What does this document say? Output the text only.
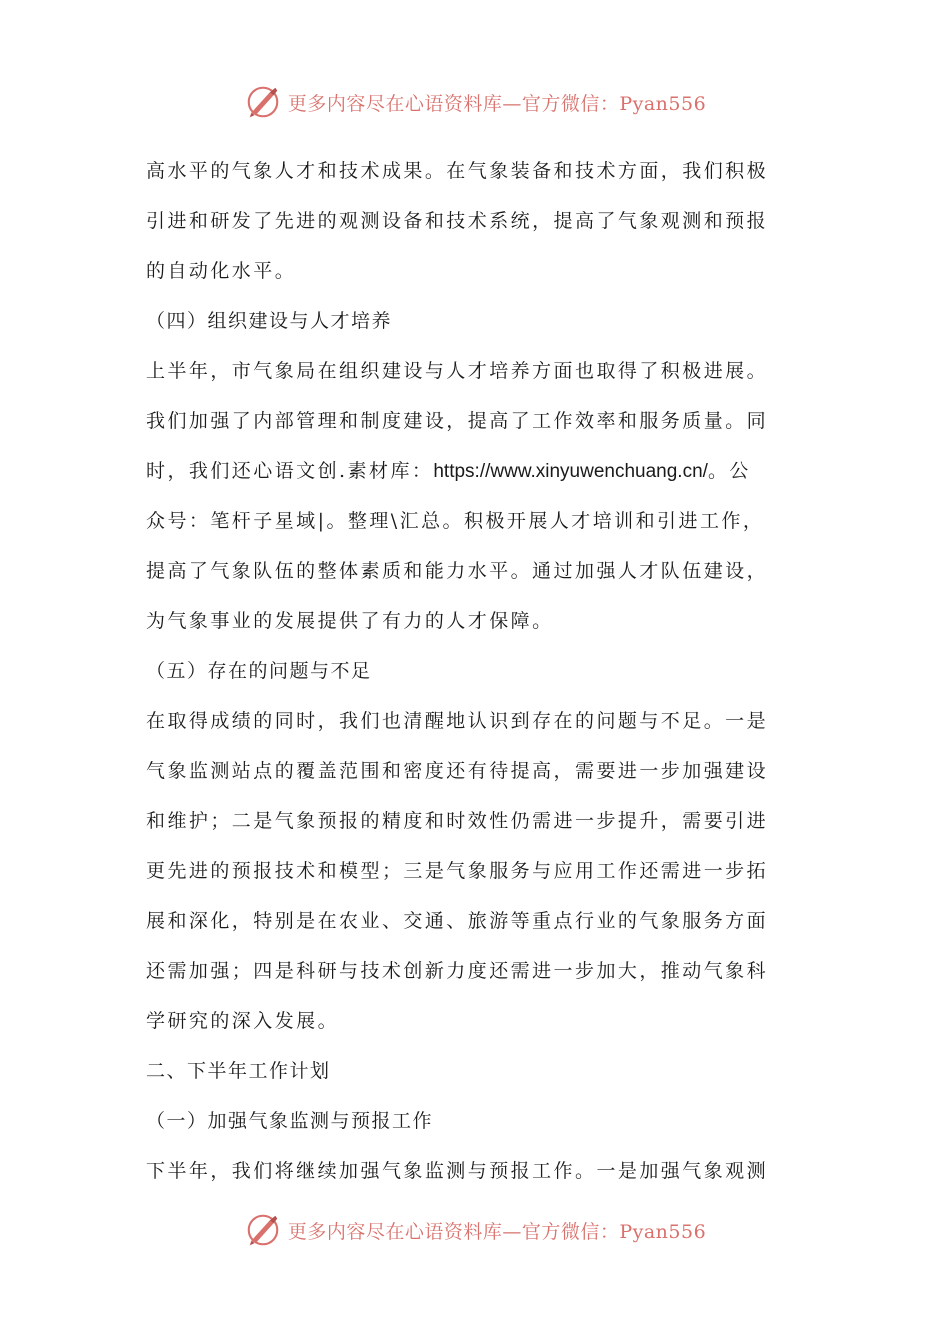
更多内容尽在心语资料库—官方微信：Pyan556
高水平的气象人才和技术成果。在气象装备和技术方面，我们积极
引进和研发了先进的观测设备和技术系统，提高了气象观测和预报
的自动化水平。
（四）组织建设与人才培养
上半年，市气象局在组织建设与人才培养方面也取得了积极进展。
我们加强了内部管理和制度建设，提高了工作效率和服务质量。同
时，我们还心语文创.素材库：https://www.xinyuwenchuang.cn/。公
众号：笔杆子星域|。整理\汇总。积极开展人才培训和引进工作，
提高了气象队伍的整体素质和能力水平。通过加强人才队伍建设，
为气象事业的发展提供了有力的人才保障。
（五）存在的问题与不足
在取得成绩的同时，我们也清醒地认识到存在的问题与不足。一是
气象监测站点的覆盖范围和密度还有待提高，需要进一步加强建设
和维护；二是气象预报的精度和时效性仍需进一步提升，需要引进
更先进的预报技术和模型；三是气象服务与应用工作还需进一步拓
展和深化，特别是在农业、交通、旅游等重点行业的气象服务方面
还需加强；四是科研与技术创新力度还需进一步加大，推动气象科
学研究的深入发展。
二、下半年工作计划
（一）加强气象监测与预报工作
下半年，我们将继续加强气象监测与预报工作。一是加强气象观测
更多内容尽在心语资料库—官方微信：Pyan556
